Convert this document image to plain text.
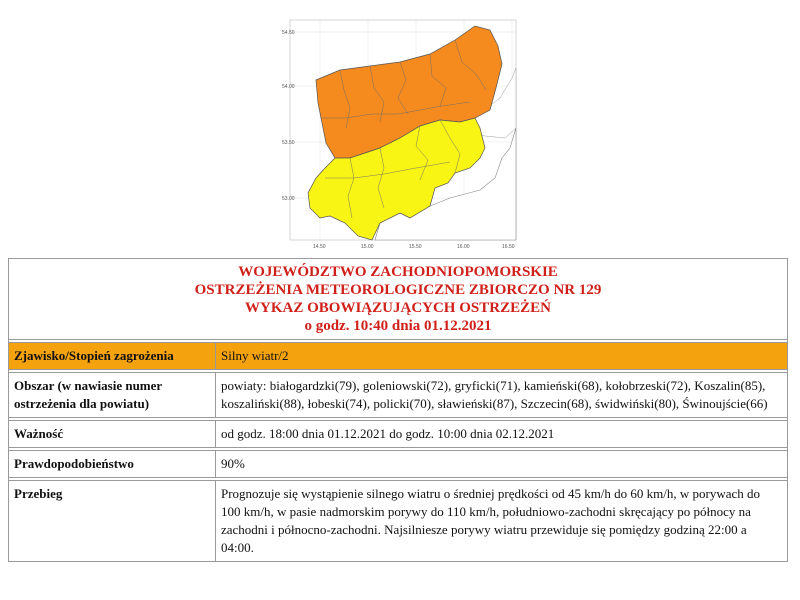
54.50
54.00
53.50
53.00
14.50	15.00	15.50	16.00	16.50
WOJEWÓDZTWO ZACHODNIOPOMORSKIE
OSTRZEŻENIA METEOROLOGICZNE ZBIORCZO NR 129
WYKAZ OBOWIĄZUJĄCYCH OSTRZEŻEŃ
o godz. 10:40 dnia 01.12.2021	

Zjawisko/Stopień zagrożenia	Silny wiatr/2

Obszar (w nawiasie numer ostrzeżenia dla powiatu)	powiaty: białogardzki(79), goleniowski(72), gryficki(71), kamieński(68), kołobrzeski(72), Koszalin(85), koszaliński(88), łobeski(74), policki(70), sławieński(87), Szczecin(68), świdwiński(80), Świnoujście(66)

Ważność	od godz. 18:00 dnia 01.12.2021 do godz. 10:00 dnia 02.12.2021

Prawdopodobieństwo	90%

Przebieg	Prognozuje się wystąpienie silnego wiatru o średniej prędkości od 45 km/h do 60 km/h, w porywach do 100 km/h, w pasie nadmorskim porywy do 110 km/h, południowo-zachodni skręcający po północy na zachodni i północno-zachodni. Najsilniesze porywy wiatru przewiduje się pomiędzy godziną 22:00 a 04:00.
